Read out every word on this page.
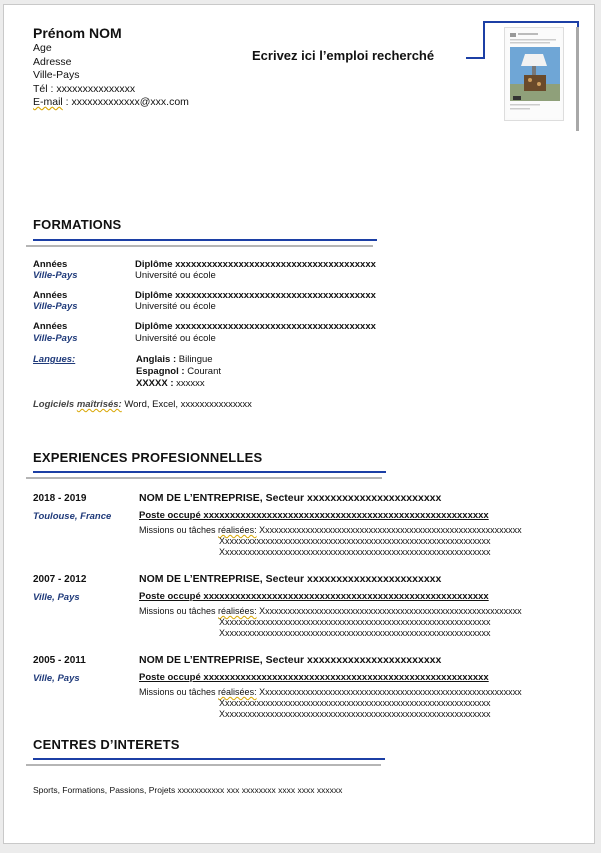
Prénom NOM
Age
Adresse
Ville-Pays
Tél : xxxxxxxxxxxxxxx
E-mail : xxxxxxxxxxxxx@xxx.com
Ecrivez ici l’emploi recherché
FORMATIONS
Années
Ville-Pays
Diplôme xxxxxxxxxxxxxxxxxxxxxxxxxxxxxxxxxxxxxx
Université ou école
Années
Ville-Pays
Diplôme xxxxxxxxxxxxxxxxxxxxxxxxxxxxxxxxxxxxxx
Université ou école
Années
Ville-Pays
Diplôme xxxxxxxxxxxxxxxxxxxxxxxxxxxxxxxxxxxxxx
Université ou école
Langues:	Anglais : Bilingue
Espagnol : Courant
XXXXX : xxxxxx
Logiciels maîtrisés: Word, Excel, xxxxxxxxxxxxxxx
EXPERIENCES PROFESIONNELLES
2018 - 2019
Toulouse, France
NOM DE L’ENTREPRISE, Secteur xxxxxxxxxxxxxxxxxxxxxxx
Poste occupé xxxxxxxxxxxxxxxxxxxxxxxxxxxxxxxxxxxxxxxxxxxxxxxxxxxxxx
Missions ou tâches réalisées: Xxxxxxxxxxxxxxxxxxxxxxxxxxxxxxxxxxxxxxxxxxxxxxxxxxxxxxxxxx
Xxxxxxxxxxxxxxxxxxxxxxxxxxxxxxxxxxxxxxxxxxxxxxxxxxxxxxxxxxxx
Xxxxxxxxxxxxxxxxxxxxxxxxxxxxxxxxxxxxxxxxxxxxxxxxxxxxxxxxxxxx
2007 - 2012
Ville, Pays
NOM DE L’ENTREPRISE, Secteur xxxxxxxxxxxxxxxxxxxxxxx
Poste occupé xxxxxxxxxxxxxxxxxxxxxxxxxxxxxxxxxxxxxxxxxxxxxxxxxxxxxx
Missions ou tâches réalisées: Xxxxxxxxxxxxxxxxxxxxxxxxxxxxxxxxxxxxxxxxxxxxxxxxxxxxxxxxxx
Xxxxxxxxxxxxxxxxxxxxxxxxxxxxxxxxxxxxxxxxxxxxxxxxxxxxxxxxxxxx
Xxxxxxxxxxxxxxxxxxxxxxxxxxxxxxxxxxxxxxxxxxxxxxxxxxxxxxxxxxxx
2005 - 2011
Ville, Pays
NOM DE L’ENTREPRISE, Secteur xxxxxxxxxxxxxxxxxxxxxxx
Poste occupé xxxxxxxxxxxxxxxxxxxxxxxxxxxxxxxxxxxxxxxxxxxxxxxxxxxxxx
Missions ou tâches réalisées: Xxxxxxxxxxxxxxxxxxxxxxxxxxxxxxxxxxxxxxxxxxxxxxxxxxxxxxxxxx
Xxxxxxxxxxxxxxxxxxxxxxxxxxxxxxxxxxxxxxxxxxxxxxxxxxxxxxxxxxxx
Xxxxxxxxxxxxxxxxxxxxxxxxxxxxxxxxxxxxxxxxxxxxxxxxxxxxxxxxxxxx
CENTRES D’INTERETS
Sports, Formations, Passions, Projets xxxxxxxxxxx xxx xxxxxxxx xxxx xxxx xxxxxx
